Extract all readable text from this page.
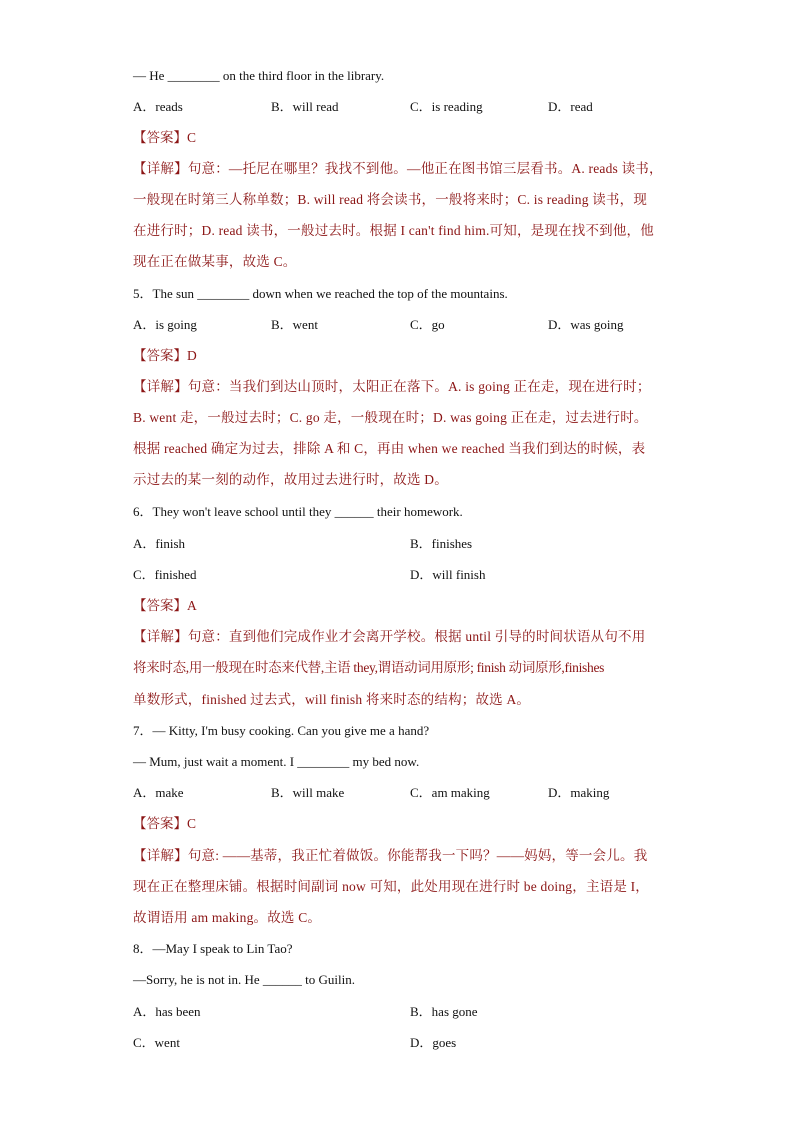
— He ________ on the third floor in the library.
A．reads	B．will read	C．is reading	D．read
【答案】C
【详解】句意：—托尼在哪里？我找不到他。—他正在图书馆三层看书。A. reads 读书，
一般现在时第三人称单数；B. will read 将会读书，一般将来时；C. is reading 读书，现
在进行时；D. read 读书，一般过去时。根据 I can't find him.可知，是现在找不到他，他
现在正在做某事，故选 C。
5．The sun ________ down when we reached the top of the mountains.
A．is going	B．went	C．go	D．was going
【答案】D
【详解】句意：当我们到达山顶时，太阳正在落下。A. is going 正在走，现在进行时；
B. went 走，一般过去时；C. go 走，一般现在时；D. was going 正在走，过去进行时。
根据 reached 确定为过去，排除 A 和 C，再由 when we reached 当我们到达的时候，表
示过去的某一刻的动作，故用过去进行时，故选 D。
6．They won't leave school until they ______ their homework.
A．finish	B．finishes
C．finished	D．will finish
【答案】A
【详解】句意：直到他们完成作业才会离开学校。根据 until 引导的时间状语从句不用
将来时态,用一般现在时态来代替,主语 they,谓语动词用原形; finish 动词原形,finishes
单数形式，finished 过去式，will finish 将来时态的结构；故选 A。
7．— Kitty, I'm busy cooking. Can you give me a hand?
— Mum, just wait a moment. I ________ my bed now.
A．make	B．will make	C．am making	D．making
【答案】C
【详解】句意: ——基蒂，我正忙着做饭。你能帮我一下吗？——妈妈，等一会儿。我
现在正在整理床铺。根据时间副词 now 可知，此处用现在进行时 be doing，主语是 I，
故谓语用 am making。故选 C。
8．—May I speak to Lin Tao?
—Sorry, he is not in. He ______ to Guilin.
A．has been	B．has gone
C．went	D．goes
